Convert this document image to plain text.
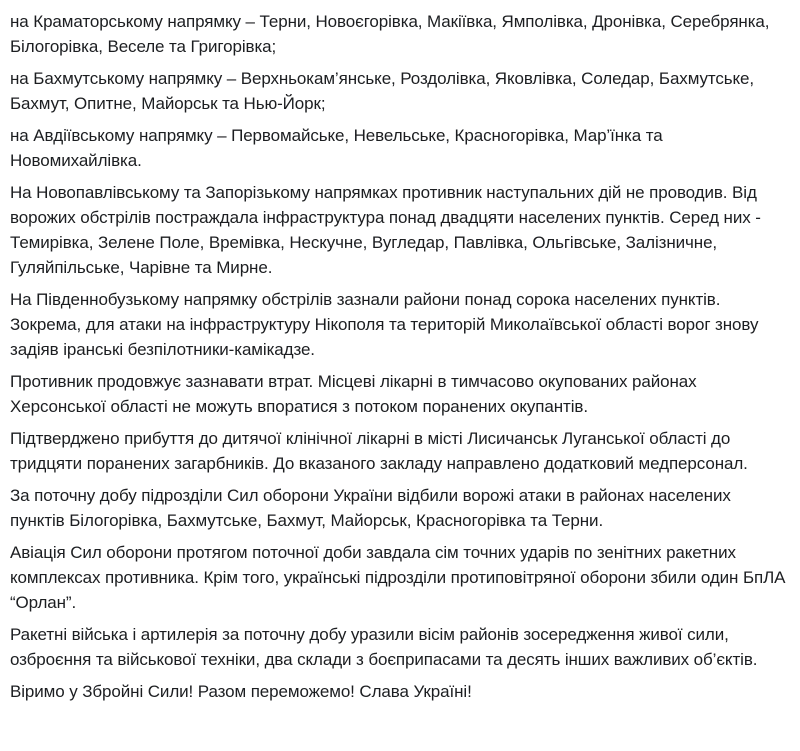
на Краматорському напрямку – Терни, Новоєгорівка, Макіївка, Ямполівка, Дронівка, Серебрянка, Білогорівка, Веселе та Григорівка;

на Бахмутському напрямку – Верхньокам’янське, Роздолівка, Яковлівка, Соледар, Бахмутське, Бахмут, Опитне, Майорськ та Нью-Йорк;

на Авдіївському напрямку – Первомайське, Невельське, Красногорівка, Мар’їнка та Новомихайлівка.

На Новопавлівському та Запорізькому напрямках противник наступальних дій не проводив. Від ворожих обстрілів постраждала інфраструктура понад двадцяти населених пунктів. Серед них - Темирівка, Зелене Поле, Времівка, Нескучне, Вугледар, Павлівка, Ольгівське, Залізничне, Гуляйпільське, Чарівне та Мирне.

На Південнобузькому напрямку обстрілів зазнали райони понад сорока населених пунктів. Зокрема, для атаки на інфраструктуру Нікополя та територій Миколаївської області ворог знову задіяв іранські безпілотники-камікадзе.

Противник продовжує зазнавати втрат. Місцеві лікарні в тимчасово окупованих районах Херсонської області не можуть впоратися з потоком поранених окупантів.

Підтверджено прибуття до дитячої клінічної лікарні в місті Лисичанськ Луганської області до тридцяти поранених загарбників. До вказаного закладу направлено додатковий медперсонал.

За поточну добу підрозділи Сил оборони України відбили ворожі атаки в районах населених пунктів Білогорівка, Бахмутське, Бахмут, Майорськ, Красногорівка та Терни.

Авіація Сил оборони протягом поточної доби завдала сім точних ударів по зенітних ракетних комплексах противника. Крім того, українські підрозділи протиповітряної оборони збили один БпЛА “Орлан”.

Ракетні війська і артилерія за поточну добу уразили вісім районів зосередження живої сили, озброєння та військової техніки, два склади з боєприпасами та десять інших важливих об’єктів.

Віримо у Збройні Сили! Разом переможемо! Слава Україні!
